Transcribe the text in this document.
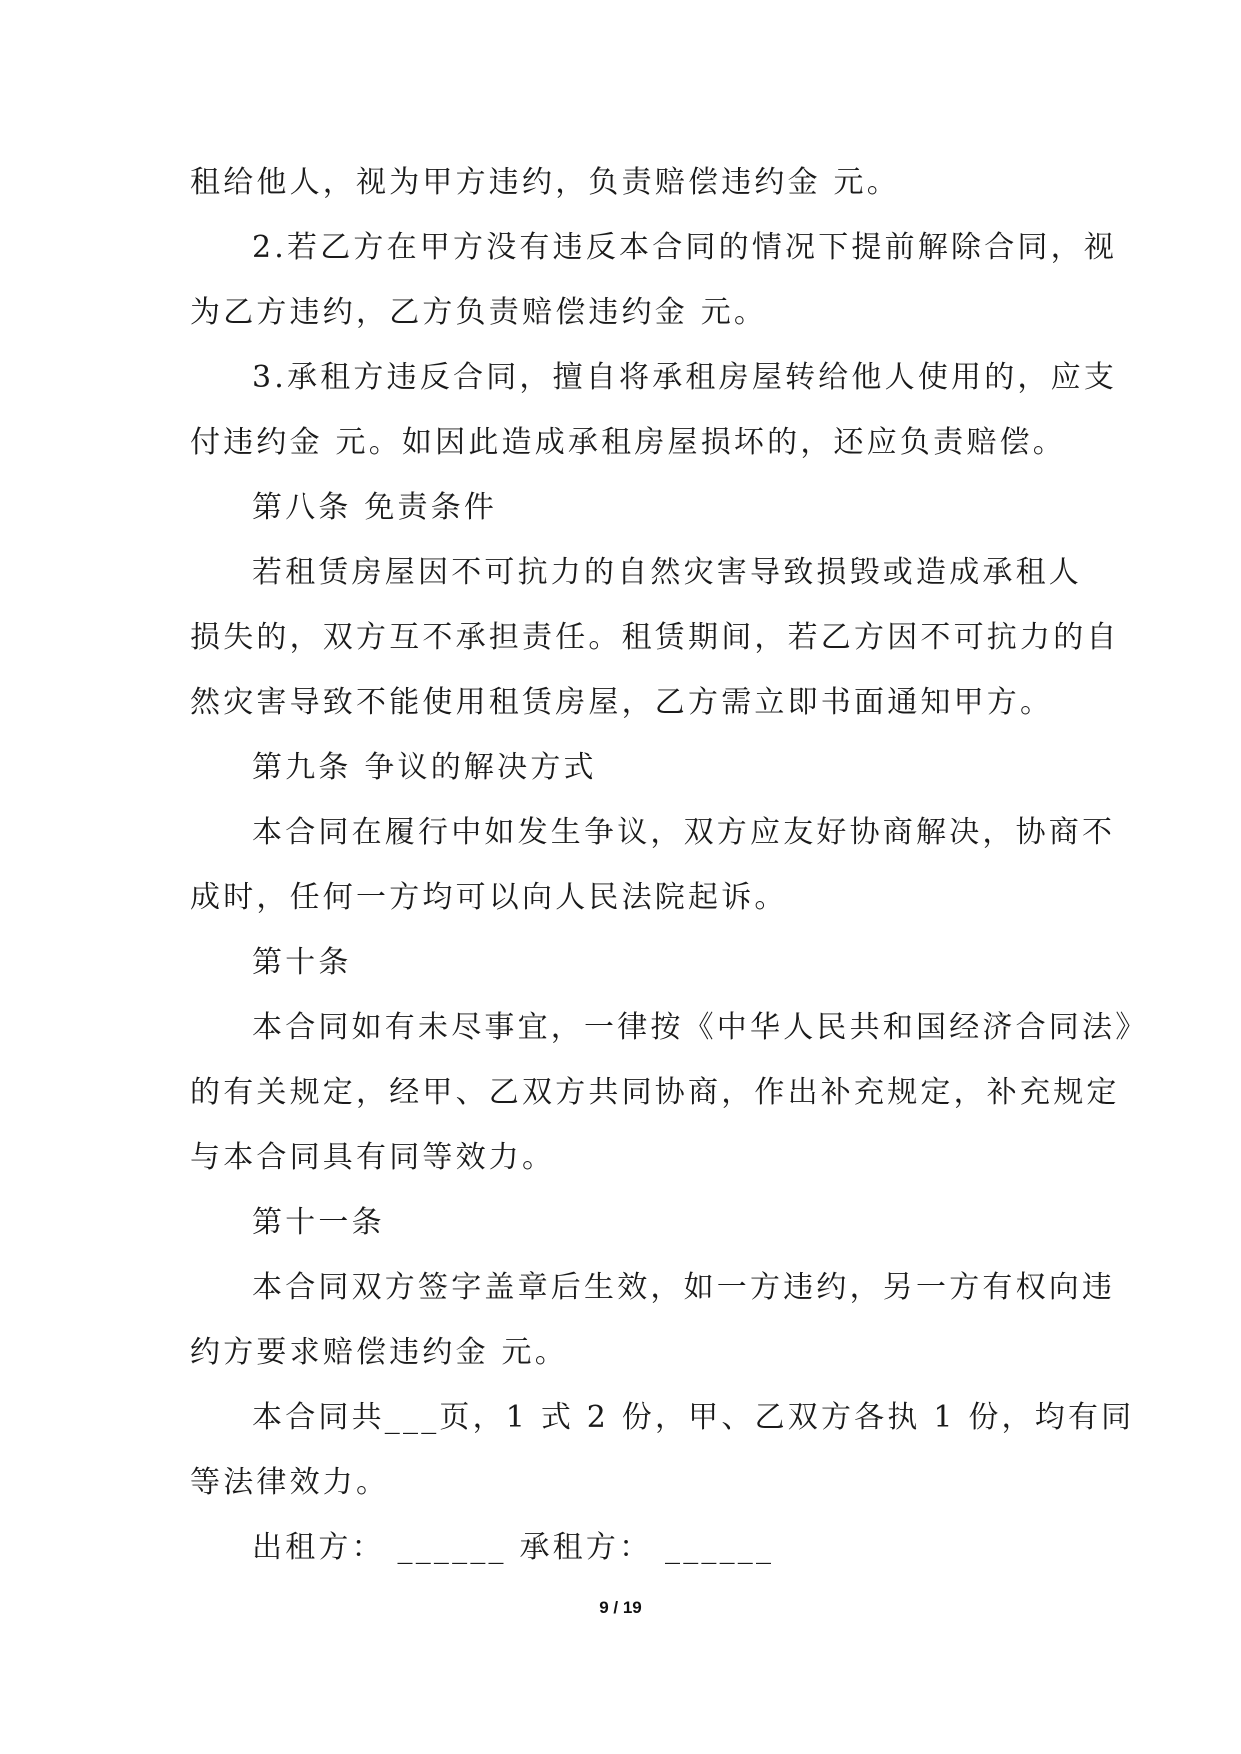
租给他人，视为甲方违约，负责赔偿违约金 元。
2.若乙方在甲方没有违反本合同的情况下提前解除合同，视
为乙方违约，乙方负责赔偿违约金 元。
3.承租方违反合同，擅自将承租房屋转给他人使用的，应支
付违约金 元。如因此造成承租房屋损坏的，还应负责赔偿。
第八条 免责条件
若租赁房屋因不可抗力的自然灾害导致损毁或造成承租人
损失的，双方互不承担责任。租赁期间，若乙方因不可抗力的自
然灾害导致不能使用租赁房屋，乙方需立即书面通知甲方。
第九条 争议的解决方式
本合同在履行中如发生争议，双方应友好协商解决，协商不
成时，任何一方均可以向人民法院起诉。
第十条
本合同如有未尽事宜，一律按《中华人民共和国经济合同法》
的有关规定，经甲、乙双方共同协商，作出补充规定，补充规定
与本合同具有同等效力。
第十一条
本合同双方签字盖章后生效，如一方违约，另一方有权向违
约方要求赔偿违约金 元。
本合同共___页，1 式 2 份，甲、乙双方各执 1 份，均有同
等法律效力。
出租方： ______ 承租方： ______
9 / 19
